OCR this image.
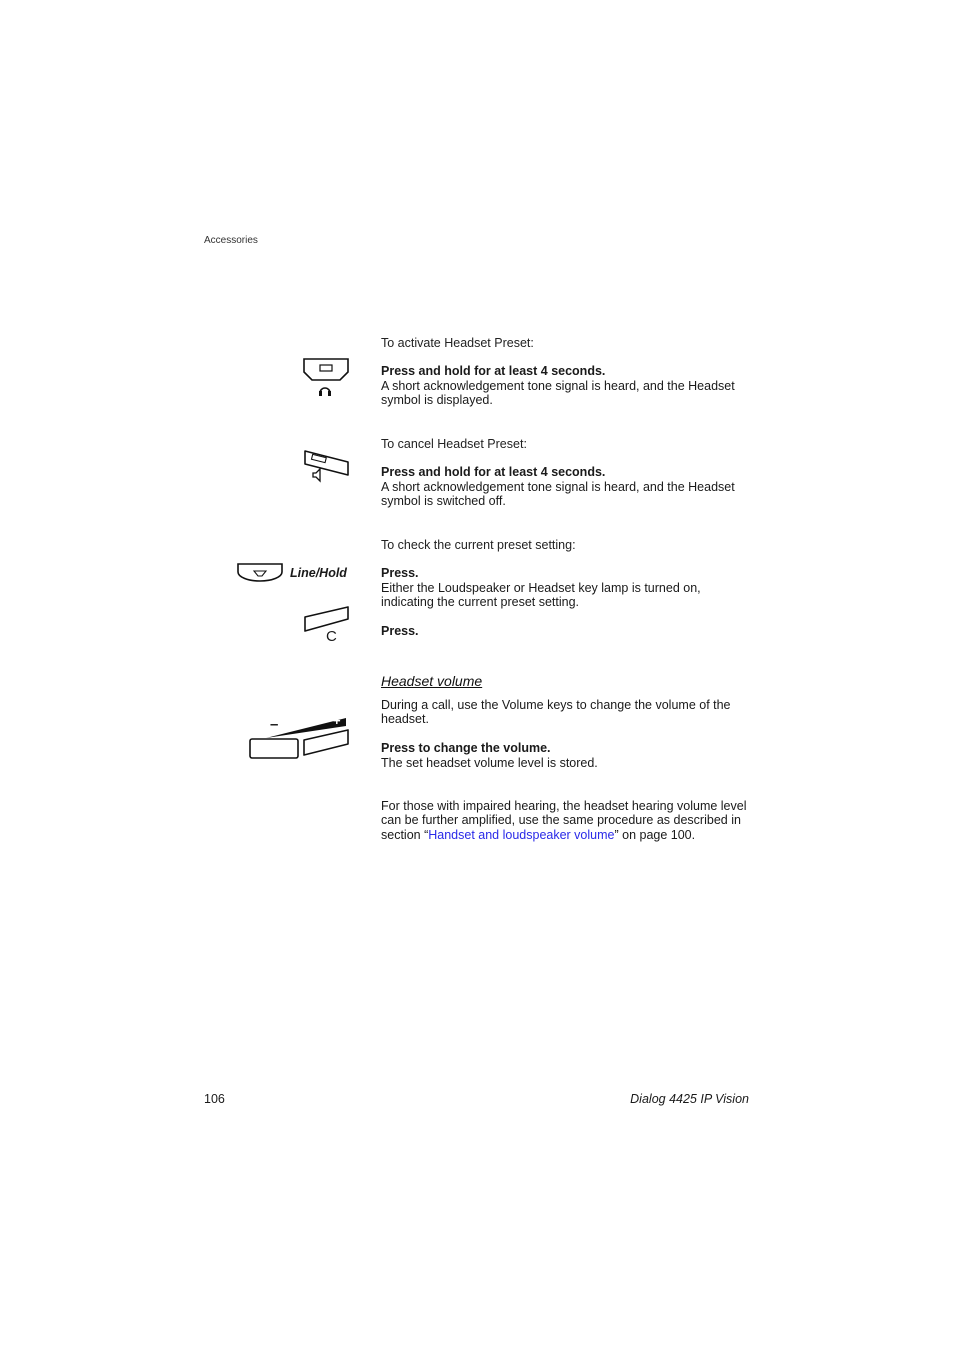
Accessories
To activate Headset Preset:
Press and hold for at least 4 seconds.
A short acknowledgement tone signal is heard, and the Headset
symbol is displayed.
To cancel Headset Preset:
Press and hold for at least 4 seconds.
A short acknowledgement tone signal is heard, and the Headset
symbol is switched off.
To check the current preset setting:
Line/Hold	Press.
Either the Loudspeaker or Headset key lamp is turned on,
indicating the current preset setting.
C	Press.
Headset volume
During a call, use the Volume keys to change the volume of the
headset.
–	+
Press to change the volume.
The set headset volume level is stored.
For those with impaired hearing, the headset hearing volume level
can be further amplified, use the same procedure as described in
section “Handset and loudspeaker volume” on page 100.
106	Dialog 4425 IP Vision
